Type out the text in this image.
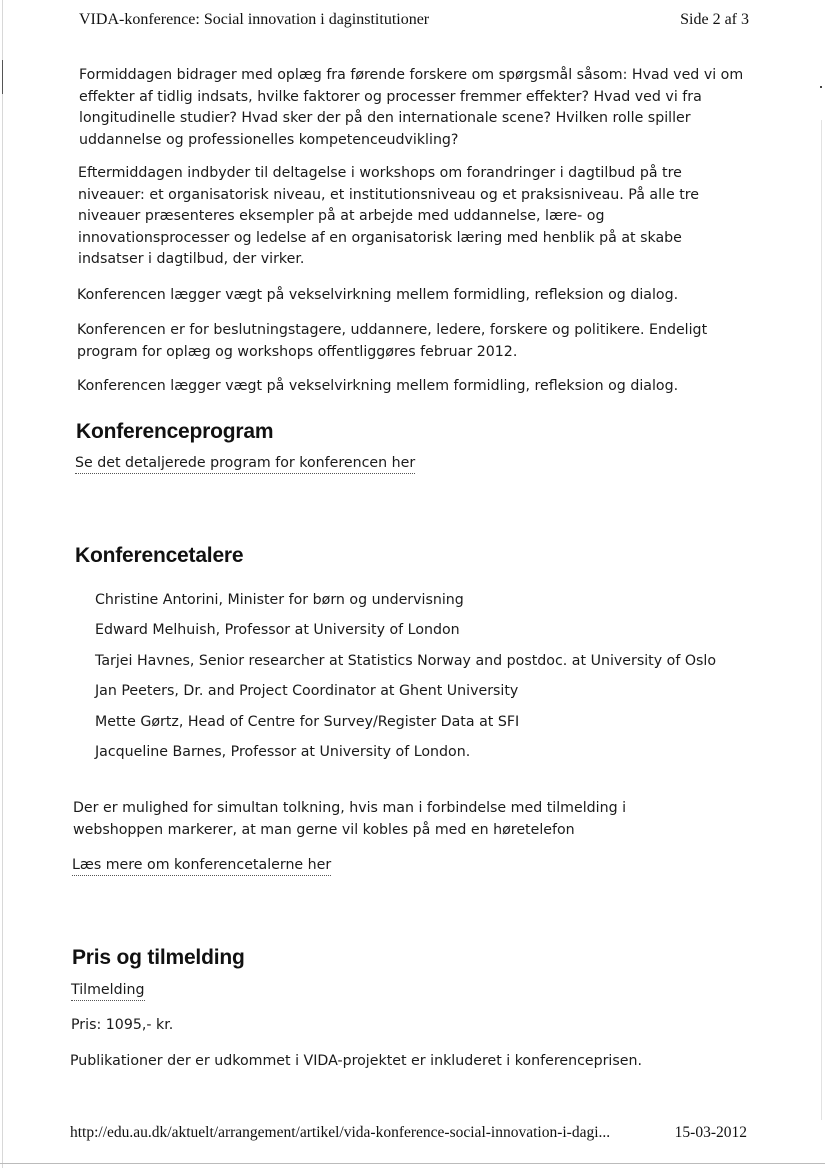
VIDA-konference: Social innovation i daginstitutioner	Side 2 af 3

Formiddagen bidrager med oplæg fra førende forskere om spørgsmål såsom: Hvad ved vi om effekter af tidlig indsats, hvilke faktorer og processer fremmer effekter? Hvad ved vi fra longitudinelle studier? Hvad sker der på den internationale scene? Hvilken rolle spiller uddannelse og professionelles kompetenceudvikling?

Eftermiddagen indbyder til deltagelse i workshops om forandringer i dagtilbud på tre niveauer: et organisatorisk niveau, et institutionsniveau og et praksisniveau. På alle tre niveauer præsenteres eksempler på at arbejde med uddannelse, lære- og innovationsprocesser og ledelse af en organisatorisk læring med henblik på at skabe indsatser i dagtilbud, der virker.

Konferencen lægger vægt på vekselvirkning mellem formidling, refleksion og dialog.

Konferencen er for beslutningstagere, uddannere, ledere, forskere og politikere. Endeligt program for oplæg og workshops offentliggøres februar 2012.

Konferencen lægger vægt på vekselvirkning mellem formidling, refleksion og dialog.

Konferenceprogram
Se det detaljerede program for konferencen her
Konferencetalere
Christine Antorini, Minister for børn og undervisning
Edward Melhuish, Professor at University of London
Tarjei Havnes, Senior researcher at Statistics Norway and postdoc. at University of Oslo
Jan Peeters, Dr. and Project Coordinator at Ghent University
Mette Gørtz, Head of Centre for Survey/Register Data at SFI
Jacqueline Barnes, Professor at University of London.

Der er mulighed for simultan tolkning, hvis man i forbindelse med tilmelding i webshoppen markerer, at man gerne vil kobles på med en høretelefon

Læs mere om konferencetalerne her
Pris og tilmelding
Tilmelding

Pris: 1095,- kr.

Publikationer der er udkommet i VIDA-projektet er inkluderet i konferenceprisen.

http://edu.au.dk/aktuelt/arrangement/artikel/vida-konference-social-innovation-i-dagi...	15-03-2012
